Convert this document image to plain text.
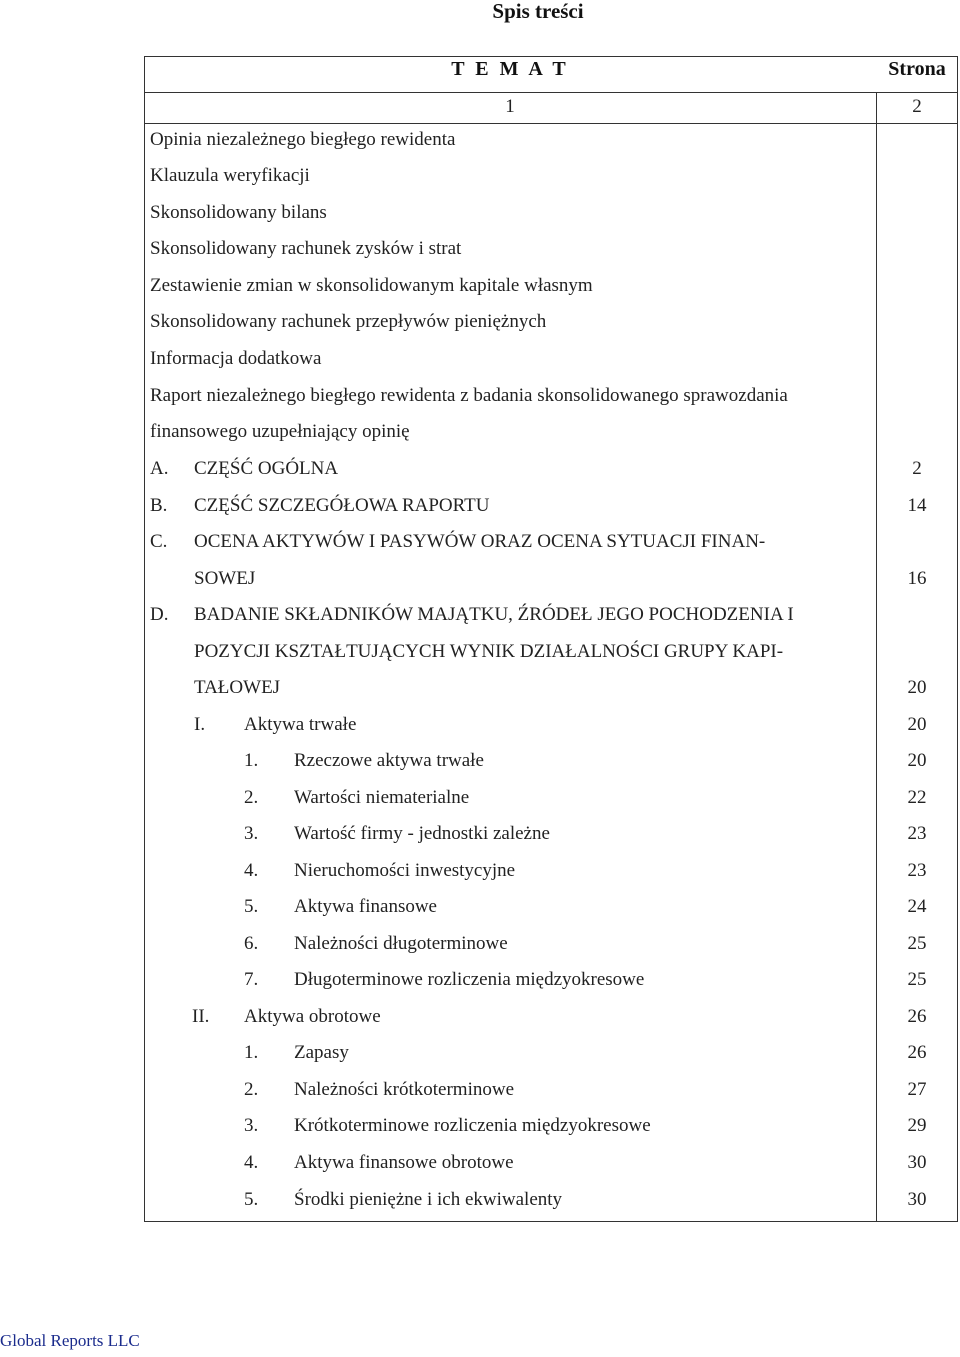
Spis treści
T E M A T	Strona
1	2
Opinia niezależnego biegłego rewidenta
Klauzula weryfikacji
Skonsolidowany bilans
Skonsolidowany rachunek zysków i strat
Zestawienie zmian w skonsolidowanym kapitale własnym
Skonsolidowany rachunek przepływów pieniężnych
Informacja dodatkowa
Raport niezależnego biegłego rewidenta z badania skonsolidowanego sprawozdania
finansowego uzupełniający opinię
A. CZĘŚĆ OGÓLNA	2
B. CZĘŚĆ SZCZEGÓŁOWA RAPORTU	14
C. OCENA AKTYWÓW I PASYWÓW ORAZ OCENA SYTUACJI FINAN-
SOWEJ	16
D. BADANIE SKŁADNIKÓW MAJĄTKU, ŹRÓDEŁ JEGO POCHODZENIA I
POZYCJI KSZTAŁTUJĄCYCH WYNIK DZIAŁALNOŚCI GRUPY KAPI-
TAŁOWEJ	20
I. Aktywa trwałe	20
1. Rzeczowe aktywa trwałe	20
2. Wartości niematerialne	22
3. Wartość firmy - jednostki zależne	23
4. Nieruchomości inwestycyjne	23
5. Aktywa finansowe	24
6. Należności długoterminowe	25
7. Długoterminowe rozliczenia międzyokresowe	25
II. Aktywa obrotowe	26
1. Zapasy	26
2. Należności krótkoterminowe	27
3. Krótkoterminowe rozliczenia międzyokresowe	29
4. Aktywa finansowe obrotowe	30
5. Środki pieniężne i ich ekwiwalenty	30
Global Reports LLC
